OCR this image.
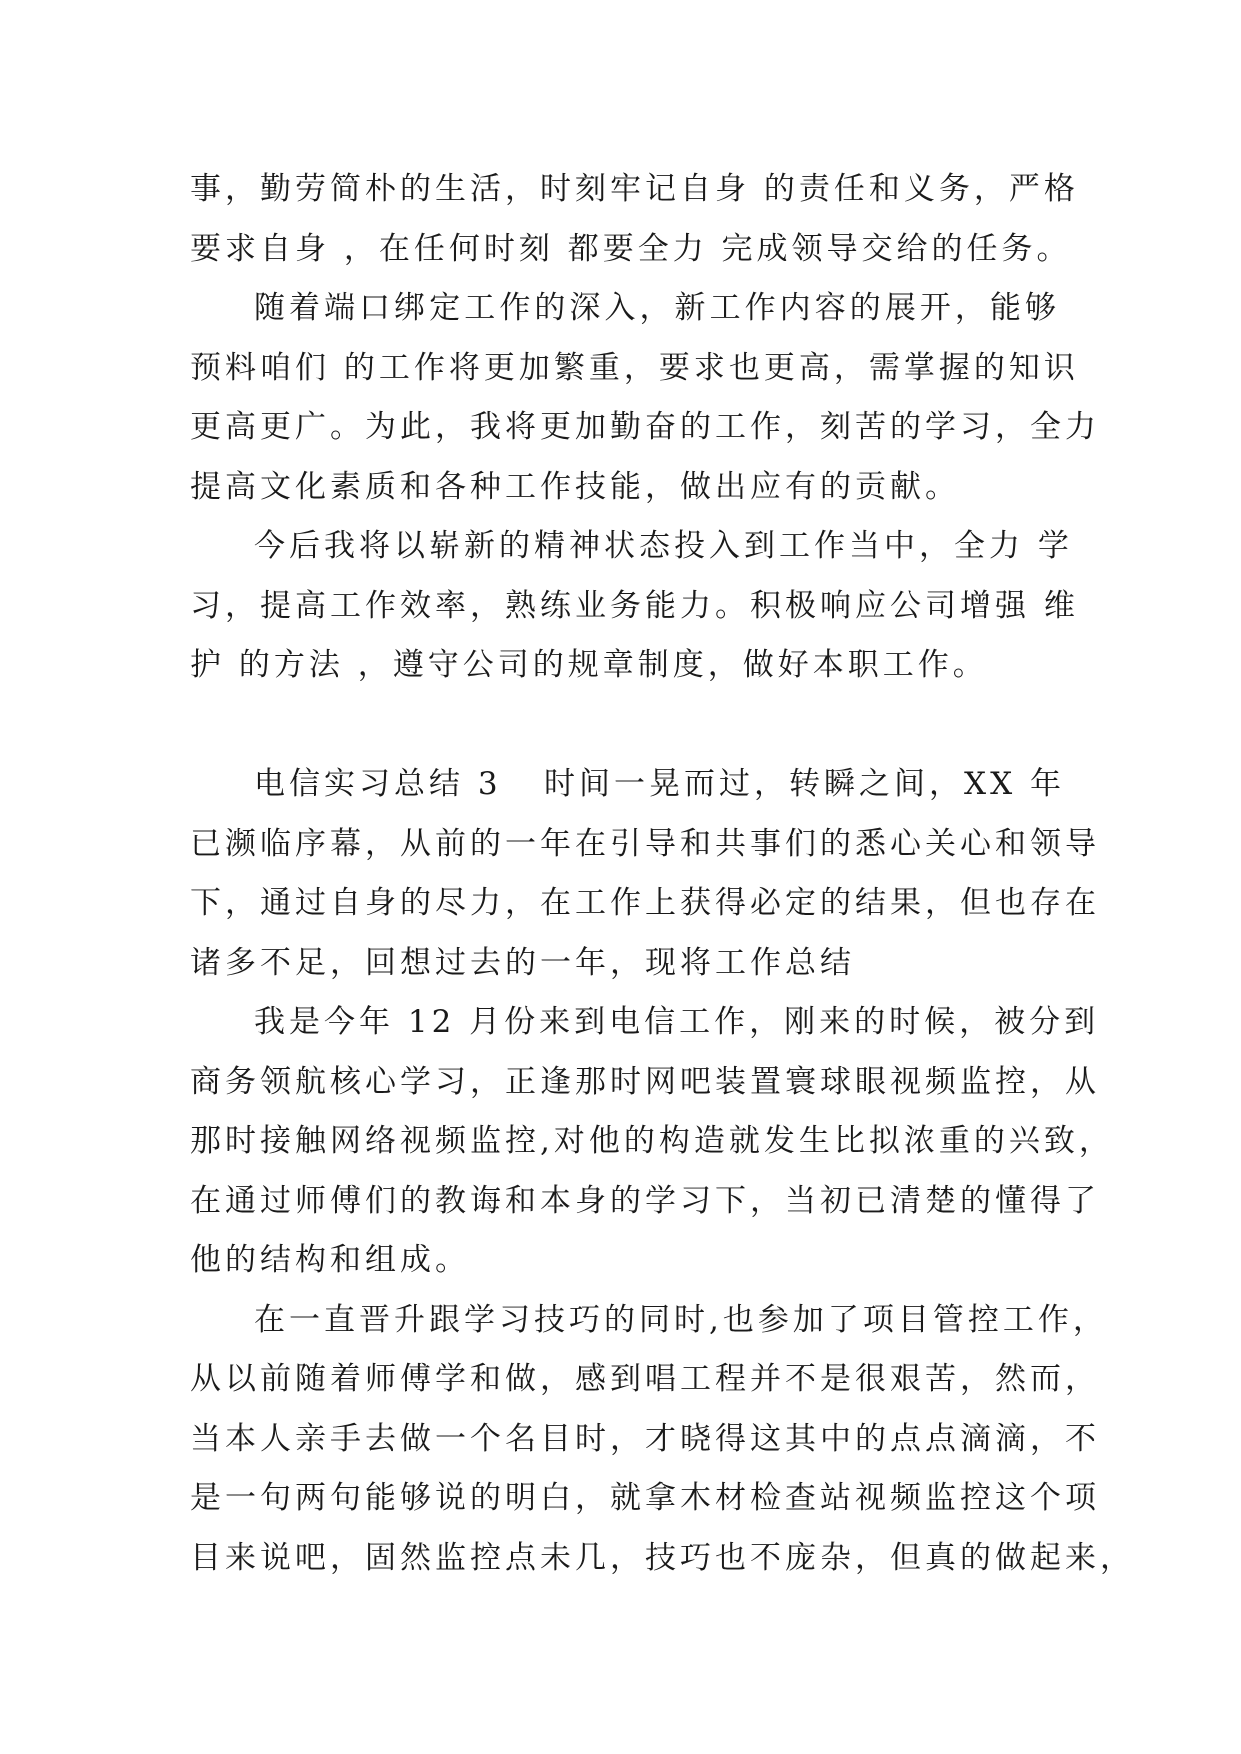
事，勤劳简朴的生活，时刻牢记自身 的责任和义务，严格
要求自身 ，在任何时刻 都要全力 完成领导交给的任务。
随着端口绑定工作的深入，新工作内容的展开，能够
预料咱们 的工作将更加繁重，要求也更高，需掌握的知识
更高更广。为此，我将更加勤奋的工作，刻苦的学习，全力
提高文化素质和各种工作技能，做出应有的贡献。
今后我将以崭新的精神状态投入到工作当中，全力 学
习，提高工作效率，熟练业务能力。积极响应公司增强 维
护 的方法 ，遵守公司的规章制度，做好本职工作。
电信实习总结 3 时间一晃而过，转瞬之间，XX 年
已濒临序幕，从前的一年在引导和共事们的悉心关心和领导
下，通过自身的尽力，在工作上获得必定的结果，但也存在
诸多不足，回想过去的一年，现将工作总结
我是今年 12 月份来到电信工作，刚来的时候，被分到
商务领航核心学习，正逢那时网吧装置寰球眼视频监控，从
那时接触网络视频监控,对他的构造就发生比拟浓重的兴致，
在通过师傅们的教诲和本身的学习下，当初已清楚的懂得了
他的结构和组成。
在一直晋升跟学习技巧的同时,也参加了项目管控工作，
从以前随着师傅学和做，感到唱工程并不是很艰苦，然而，
当本人亲手去做一个名目时，才晓得这其中的点点滴滴，不
是一句两句能够说的明白，就拿木材检查站视频监控这个项
目来说吧，固然监控点未几，技巧也不庞杂，但真的做起来，
